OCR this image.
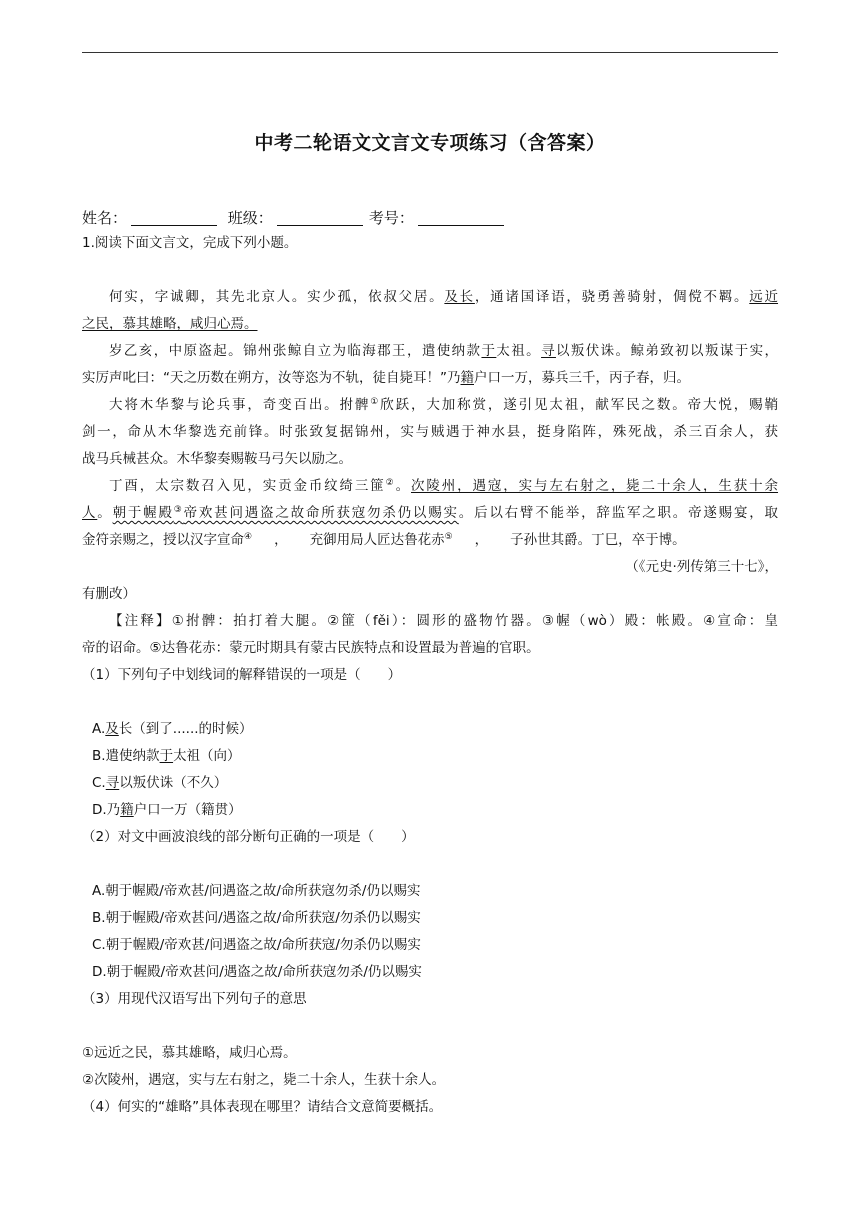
中考二轮语文文言文专项练习（含答案）
姓名：	班级：	考号：
1.阅读下面文言文，完成下列小题。
何实，字诚卿，其先北京人。实少孤，依叔父居。及长，通诸国译语，骁勇善骑射，倜傥不羁。远近
之民，慕其雄略，咸归心焉。
岁乙亥，中原盗起。锦州张鲸自立为临海郡王，遣使纳款于太祖。寻以叛伏诛。鲸弟致初以叛谋于实，
实厉声叱曰：“天之历数在朔方，汝等恣为不轨，徒自毙耳！”乃籍户口一万，募兵三千，丙子春，归。
大将木华黎与论兵事，奇变百出。拊髀①欣跃，大加称赏，遂引见太祖，献军民之数。帝大悦，赐鞘
剑一，命从木华黎选充前锋。时张致复据锦州，实与贼遇于神水县，挺身陷阵，殊死战，杀三百余人，获
战马兵械甚众。木华黎奏赐鞍马弓矢以励之。
丁酉，太宗数召入见，实贡金币纹绮三篚②。次陵州，遇寇，实与左右射之，毙二十余人，生获十余
人。朝于幄殿③帝欢甚问遇盗之故命所获寇勿杀仍以赐实。后以右臂不能举，辞监军之职。帝遂赐宴，取
金符亲赐之，授以汉字宣命④ ， 充御用局人匠达鲁花赤⑤ ， 子孙世其爵。丁巳，卒于博。
（《元史·列传第三十七》，
有删改）
【注释】①拊髀：拍打着大腿。②篚（fěi）：圆形的盛物竹器。③幄（wò）殿：帐殿。④宣命：皇
帝的诏命。⑤达鲁花赤：蒙元时期具有蒙古民族特点和设置最为普遍的官职。
（1）下列句子中划线词的解释错误的一项是（　　）
A.及长（到了......的时候）
B.遣使纳款于太祖（向）
C.寻以叛伏诛（不久）
D.乃籍户口一万（籍贯）
（2）对文中画波浪线的部分断句正确的一项是（　　）
A.朝于幄殿/帝欢甚/问遇盗之故/命所获寇勿杀/仍以赐实
B.朝于幄殿/帝欢甚问/遇盗之故/命所获寇/勿杀仍以赐实
C.朝于幄殿/帝欢甚/问遇盗之故/命所获寇/勿杀仍以赐实
D.朝于幄殿/帝欢甚问/遇盗之故/命所获寇勿杀/仍以赐实
（3）用现代汉语写出下列句子的意思
①远近之民，慕其雄略，咸归心焉。
②次陵州，遇寇，实与左右射之，毙二十余人，生获十余人。
（4）何实的“雄略”具体表现在哪里？请结合文意简要概括。
